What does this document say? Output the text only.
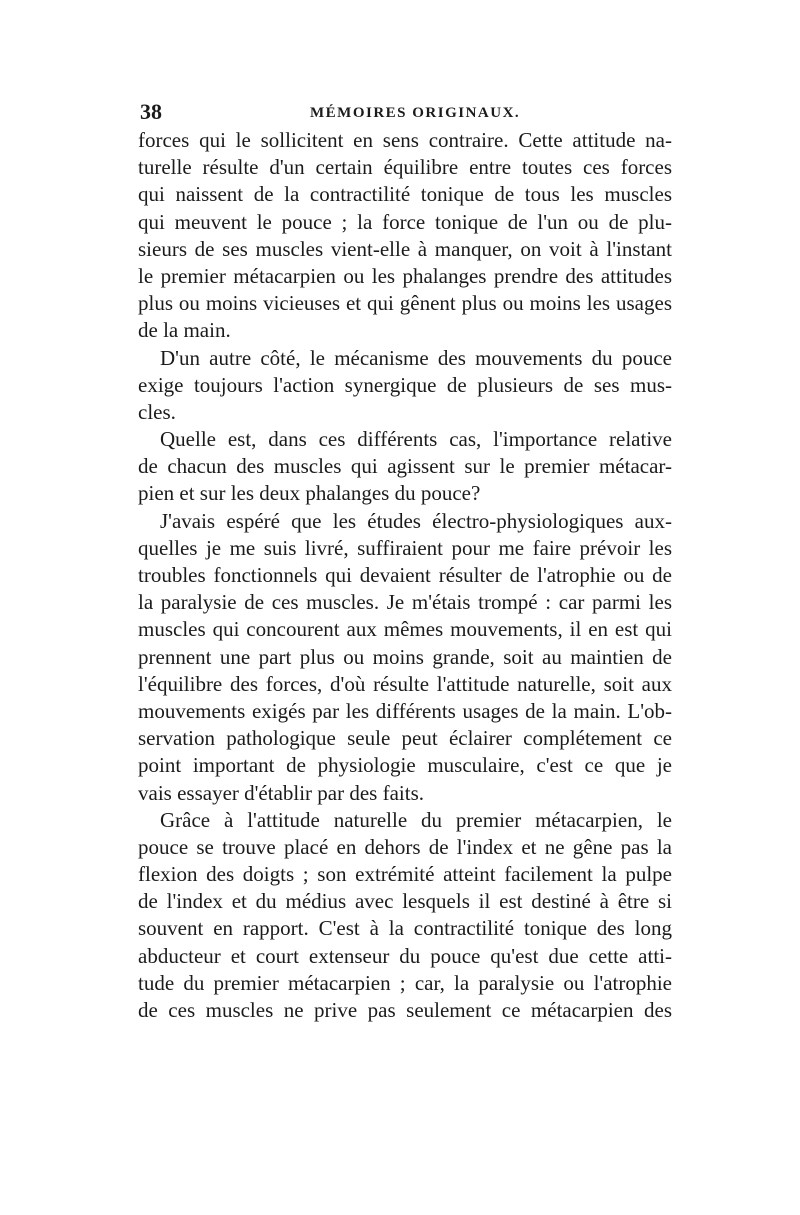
38	MÉMOIRES ORIGINAUX.
forces qui le sollicitent en sens contraire. Cette attitude na-
turelle résulte d'un certain équilibre entre toutes ces forces
qui naissent de la contractilité tonique de tous les muscles
qui meuvent le pouce ; la force tonique de l'un ou de plu-
sieurs de ses muscles vient-elle à manquer, on voit à l'instant
le premier métacarpien ou les phalanges prendre des attitudes
plus ou moins vicieuses et qui gênent plus ou moins les usages
de la main.
D'un autre côté, le mécanisme des mouvements du pouce
exige toujours l'action synergique de plusieurs de ses mus-
cles.
Quelle est, dans ces différents cas, l'importance relative
de chacun des muscles qui agissent sur le premier métacar-
pien et sur les deux phalanges du pouce?
J'avais espéré que les études électro-physiologiques aux-
quelles je me suis livré, suffiraient pour me faire prévoir les
troubles fonctionnels qui devaient résulter de l'atrophie ou de
la paralysie de ces muscles. Je m'étais trompé : car parmi les
muscles qui concourent aux mêmes mouvements, il en est qui
prennent une part plus ou moins grande, soit au maintien de
l'équilibre des forces, d'où résulte l'attitude naturelle, soit aux
mouvements exigés par les différents usages de la main. L'ob-
servation pathologique seule peut éclairer complétement ce
point important de physiologie musculaire, c'est ce que je
vais essayer d'établir par des faits.
Grâce à l'attitude naturelle du premier métacarpien, le
pouce se trouve placé en dehors de l'index et ne gêne pas la
flexion des doigts ; son extrémité atteint facilement la pulpe
de l'index et du médius avec lesquels il est destiné à être si
souvent en rapport. C'est à la contractilité tonique des long
abducteur et court extenseur du pouce qu'est due cette atti-
tude du premier métacarpien ; car, la paralysie ou l'atrophie
de ces muscles ne prive pas seulement ce métacarpien des
